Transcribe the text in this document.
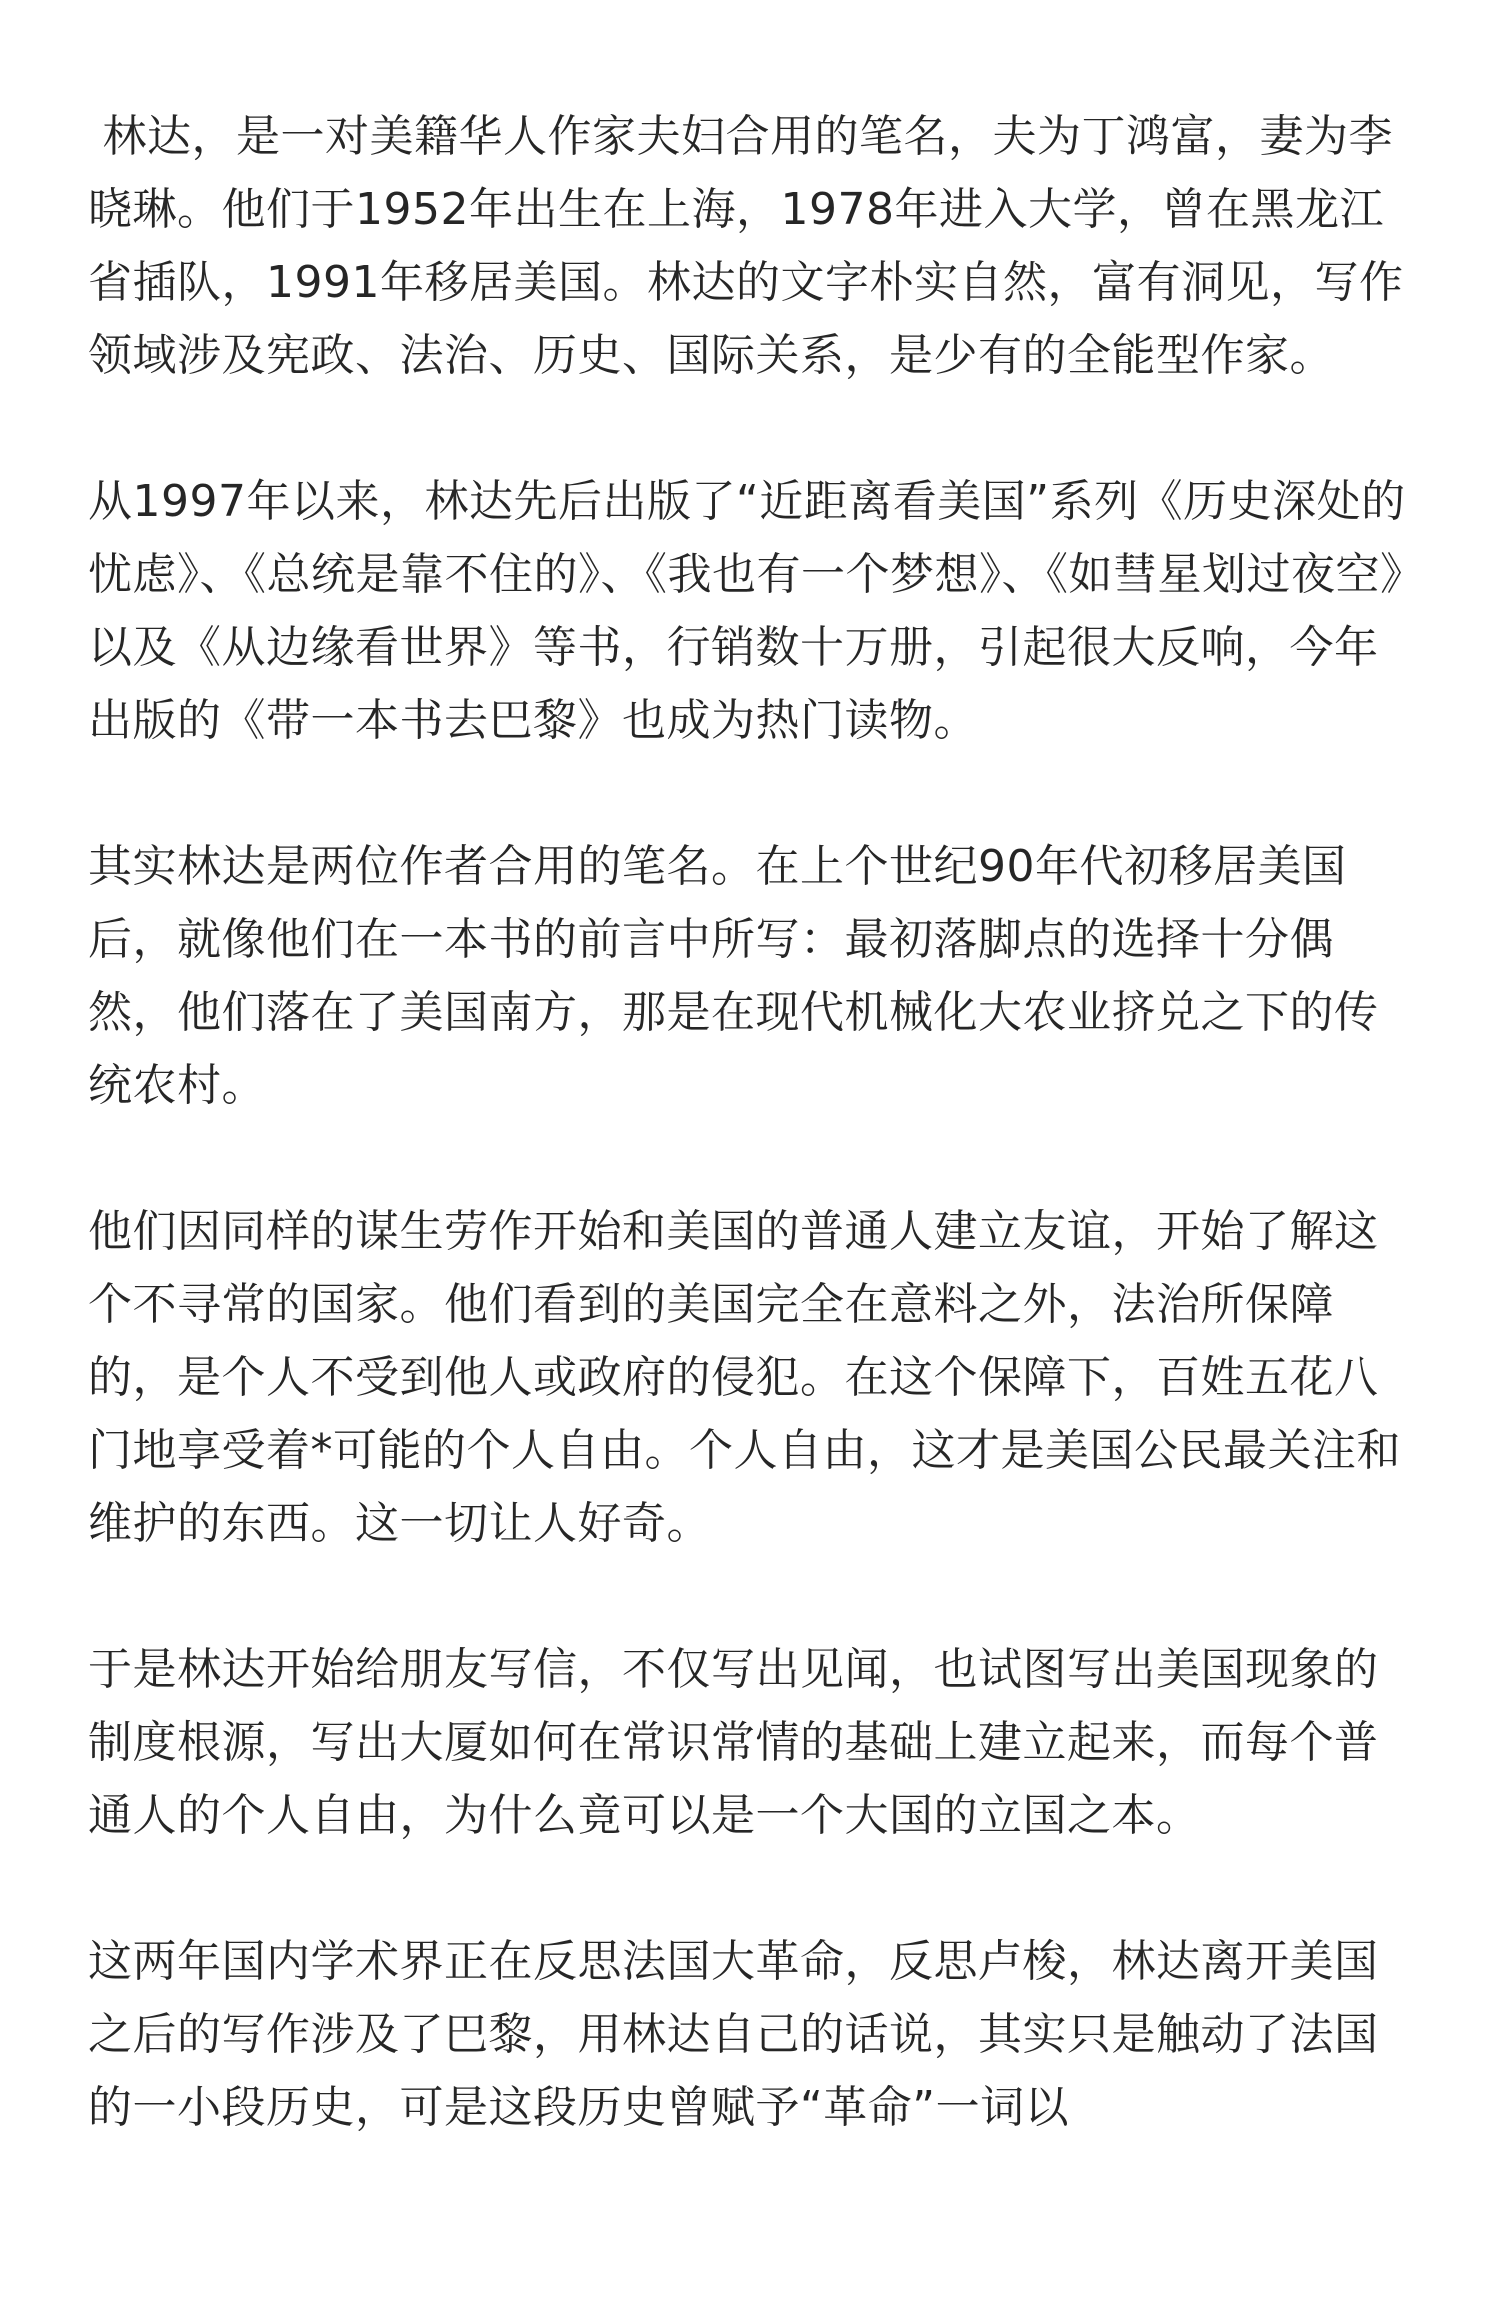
林达，是一对美籍华人作家夫妇合用的笔名，夫为丁鸿富，妻为李晓琳。他们于1952年出生在上海，1978年进入大学，曾在黑龙江省插队，1991年移居美国。林达的文字朴实自然，富有洞见，写作领域涉及宪政、法治、历史、国际关系，是少有的全能型作家。

从1997年以来，林达先后出版了“近距离看美国”系列《历史深处的忧虑》、《总统是靠不住的》、《我也有一个梦想》、《如彗星划过夜空》以及《从边缘看世界》等书，行销数十万册，引起很大反响，今年出版的《带一本书去巴黎》也成为热门读物。

其实林达是两位作者合用的笔名。在上个世纪90年代初移居美国后，就像他们在一本书的前言中所写：最初落脚点的选择十分偶然，他们落在了美国南方，那是在现代机械化大农业挤兑之下的传统农村。

他们因同样的谋生劳作开始和美国的普通人建立友谊，开始了解这个不寻常的国家。他们看到的美国完全在意料之外，法治所保障的，是个人不受到他人或政府的侵犯。在这个保障下，百姓五花八门地享受着*可能的个人自由。个人自由，这才是美国公民最关注和维护的东西。这一切让人好奇。

于是林达开始给朋友写信，不仅写出见闻，也试图写出美国现象的制度根源，写出大厦如何在常识常情的基础上建立起来，而每个普通人的个人自由，为什么竟可以是一个大国的立国之本。

这两年国内学术界正在反思法国大革命，反思卢梭，林达离开美国之后的写作涉及了巴黎，用林达自己的话说，其实只是触动了法国的一小段历史，可是这段历史曾赋予“革命”一词以
